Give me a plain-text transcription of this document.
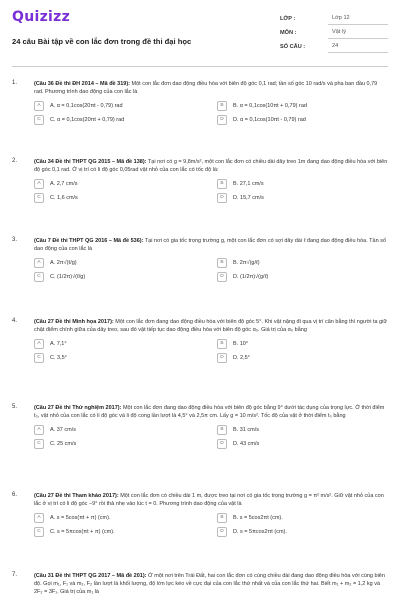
Quizizz
24 câu Bài tập về con lắc đơn trong đề thi đại học
LỚP :	Lớp 12
MÔN :	Vật lý
SỐ CÂU :	24
1.	(Câu 36 Đề thi ĐH 2014 – Mã đề 319): Một con lắc đơn dao động điều hòa với biên độ góc 0,1 rad; tần số góc 10 rad/s và pha ban đầu 0,79 rad. Phương trình dao động của con lắc là
A	A. α = 0,1cos(20πt - 0,79) rad	B	B. α = 0,1cos(10πt + 0,79) rad
C	C. α = 0,1cos(20πt + 0,79) rad	D	D. α = 0,1cos(10πt - 0,79) rad
2.	(Câu 34 Đề thi THPT QG 2015 – Mã đề 138): Tại nơi có g = 9,8m/s², một con lắc đơn có chiều dài dây treo 1m đang dao động điều hòa với biên độ góc 0,1 rad. Ở vị trí có li độ góc 0,05rad vật nhỏ của con lắc có tốc độ là:
A	A. 2,7 cm/s	B	B. 27,1 cm/s
C	C. 1,6 cm/s	D	D. 15,7 cm/s
3.	(Câu 7 Đề thi THPT QG 2016 – Mã đề 536): Tại nơi có gia tốc trọng trường g, một con lắc đơn có sợi dây dài ℓ đang dao động điều hòa. Tần số dao động của con lắc là
A	A. 2π√(ℓ/g)	B	B. 2π√(g/ℓ)
C	C. (1/2π)√(ℓ/g)	D	D. (1/2π)√(g/ℓ)
4.	(Câu 27 Đề thi Minh họa 2017): Một con lắc đơn đang dao động điều hòa với biên độ góc 5°. Khi vật nặng đi qua vị trí cân bằng thì người ta giữ chặt điểm chính giữa của dây treo, sau đó vật tiếp tục dao động điều hòa với biên độ góc α₀. Giá trị của α₀ bằng
A	A. 7,1°	B	B. 10°
C	C. 3,5°	D	D. 2,5°
5.	(Câu 27 Đề thi Thử nghiệm 2017): Một con lắc đơn đang dao động điều hòa với biên độ góc bằng 9° dưới tác dụng của trọng lực. Ở thời điểm t₀, vật nhỏ của con lắc có li độ góc và li độ cong lần lượt là 4,5° và 2,5π cm. Lấy g = 10 m/s². Tốc độ của vật ở thời điểm t₀ bằng
A	A. 37 cm/s	B	B. 31 cm/s
C	C. 25 cm/s	D	D. 43 cm/s
6.	(Câu 27 Đề thi Tham khảo 2017): Một con lắc đơn có chiều dài 1 m, được treo tại nơi có gia tốc trọng trường g = π² m/s². Giữ vật nhỏ của con lắc ở vị trí có li độ góc −9° rồi thả nhẹ vào lúc t = 0. Phương trình dao động của vật là
A	A. s = 5cos(πt + π) (cm).	B	B. s = 5cos2πt (cm).
C	C. s = 5πcos(πt + π) (cm).	D	D. s = 5πcos2πt (cm).
7.	(Câu 31 Đề thi THPT QG 2017 – Mã đề 201): Ở một nơi trên Trái Đất, hai con lắc đơn có cùng chiều dài đang dao động điều hòa với cùng biên độ. Gọi m₁, F₁ và m₂, F₂ lần lượt là khối lượng, độ lớn lực kéo về cực đại của con lắc thứ nhất và của con lắc thứ hai. Biết m₁ + m₂ = 1,2 kg và 2F₂ = 3F₁. Giá trị của m₁ là
